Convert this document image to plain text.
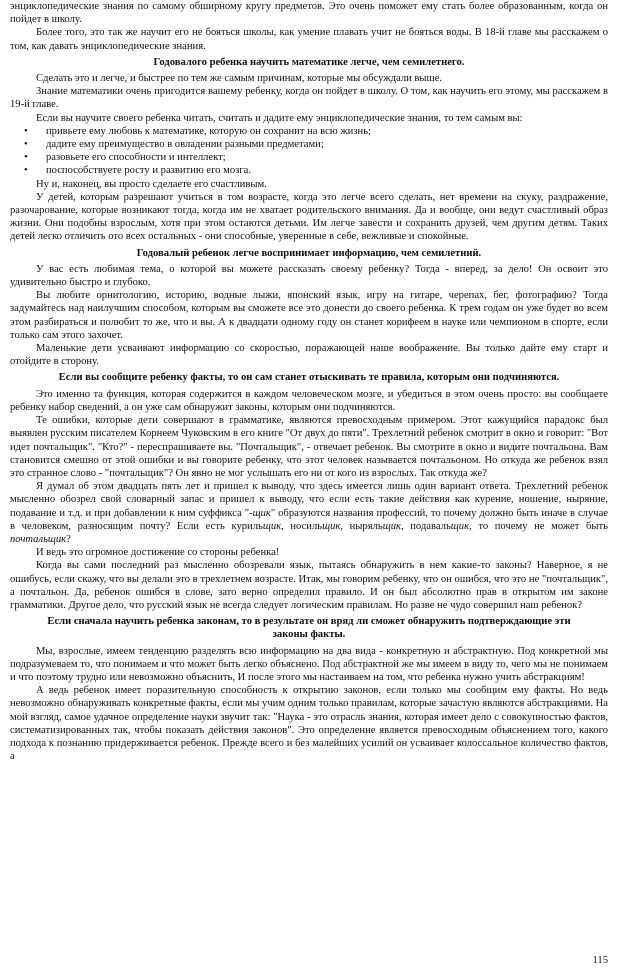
энциклопедические знания по самому обширному кругу предметов. Это очень поможет ему стать более образованным, когда он пойдет в школу.

Более того, это так же научит его не бояться школы, как умение плавать учит не бояться воды. В 18-й главе мы расскажем о том, как давать энциклопедические знания.

Годовалого ребенка научить математике легче, чем семилетнего.

Сделать это и легче, и быстрее по тем же самым причинам, которые мы обсуждали выше.

Знание математики очень пригодится вашему ребенку, когда он пойдет в школу. О том, как научить его этому, мы расскажем в 19-й главе.

Если вы научите своего ребенка читать, считать и дадите ему энциклопедические знания, то тем самым вы:

• привьете ему любовь к математике, которую он сохранит на всю жизнь;
• дадите ему преимущество в овладении разными предметами;
• разовьете его способности и интеллект;
• поспособствуете росту и развитию его мозга.

Ну и, наконец, вы просто сделаете его счастливым.

У детей, которым разрешают учиться в том возрасте, когда это легче всего сделать, нет времени на скуку, раздражение, разочарование, которые возникают тогда, когда им не хватает родительского внимания. Да и вообще, они ведут счастливый образ жизни. Они подобны взрослым, хотя при этом остаются детьми. Им легче завести и сохранить друзей, чем другим детям. Таких детей легко отличить ото всех остальных - они способные, уверенные в себе, вежливые и спокойные.

Годовалый ребенок легче воспринимает информацию, чем семилетний.

У вас есть любимая тема, о которой вы можете рассказать своему ребенку? Тогда - вперед, за дело! Он освоит это удивительно быстро и глубоко.

Вы любите орнитологию, историю, водные лыжи, японский язык, игру на гитаре, черепах, бег, фотографию? Тогда задумайтесь над наилучшим способом, которым вы сможете все это донести до своего ребенка. К трем годам он уже будет во всем этом разбираться и полюбит то же, что и вы. А к двадцати одному году он станет корифеем в науке или чемпионом в спорте, если только сам этого захочет.

Маленькие дети усваивают информацию со скоростью, поражающей наше воображение. Вы только дайте ему старт и отойдите в сторону.

Если вы сообщите ребенку факты, то он сам станет отыскивать те правила, которым они подчиняются.

Это именно та функция, которая содержится в каждом человеческом мозге, и убедиться в этом очень просто: вы сообщаете ребенку набор сведений, а он уже сам обнаружит законы, которым они подчиняются.

Те ошибки, которые дети совершают в грамматике, являются превосходным примером. Этот кажущийся парадокс был выявлен русским писателем Корнеем Чуковским в его книге "От двух до пяти". Трехлетний ребенок смотрит в окно и говорит: "Вот идет почтальщик". "Кто?" - переспрашиваете вы. "Почтальщик", - отвечает ребенок. Вы смотрите в окно и видите почтальона. Вам становится смешно от этой ошибки и вы говорите ребенку, что этот человек называется почтальоном. Но откуда же ребенок взял это странное слово - "почтальщик"? Он явно не мог услышать его ни от кого из взрослых. Так откуда же?

Я думал об этом двадцать пять лет и пришел к выводу, что здесь имеется лишь один вариант ответа. Трехлетний ребенок мысленно обозрел свой словарный запас и пришел к выводу, что если есть такие действия как курение, ношение, ныряние, подавание и т.д. и при добавлении к ним суффикса "-щик" образуются названия профессий, то почему должно быть иначе в случае в человеком, разносящим почту? Если есть курильщик, носильщик, ныряльщик, подавальщик, то почему не может быть почтальщик?

И ведь это огромное достижение со стороны ребенка!

Когда вы сами последний раз мысленно обозревали язык, пытаясь обнаружить в нем какие-то законы? Наверное, я не ошибусь, если скажу, что вы делали это в трехлетнем возрасте. Итак, мы говорим ребенку, что он ошибся, что это не "почтальщик", а почтальон. Да, ребенок ошибся в слове, зато верно определил правило. И он был абсолютно прав в открытом им законе грамматики. Другое дело, что русский язык не всегда следует логическим правилам. Но разве не чудо совершил наш ребенок?

Если сначала научить ребенка законам, то в результате он вряд ли сможет обнаружить подтверждающие эти законы факты.

Мы, взрослые, имеем тенденцию разделять всю информацию на два вида - конкретную и абстрактную. Под конкретной мы подразумеваем то, что понимаем и что может быть легко объяснено. Под абстрактной же мы имеем в виду то, чего мы не понимаем и что поэтому трудно или невозможно объяснить, И после этого мы настаиваем на том, что ребенка нужно учить абстракциям!

А ведь ребенок имеет поразительную способность к открытию законов, если только мы сообщим ему факты. Но ведь невозможно обнаруживать конкретные факты, если мы учим одним только правилам, которые зачастую являются абстракциями. На мой взгляд, самое удачное определение науки звучит так: "Наука - это отрасль знания, которая имеет дело с совокупностью фактов, систематизированных так, чтобы показать действия законов". Это определение является превосходным объяснением того, какого подхода к познанию придерживается ребенок. Прежде всего и без малейших усилий он усваивает колоссальное количество фактов, а

115
